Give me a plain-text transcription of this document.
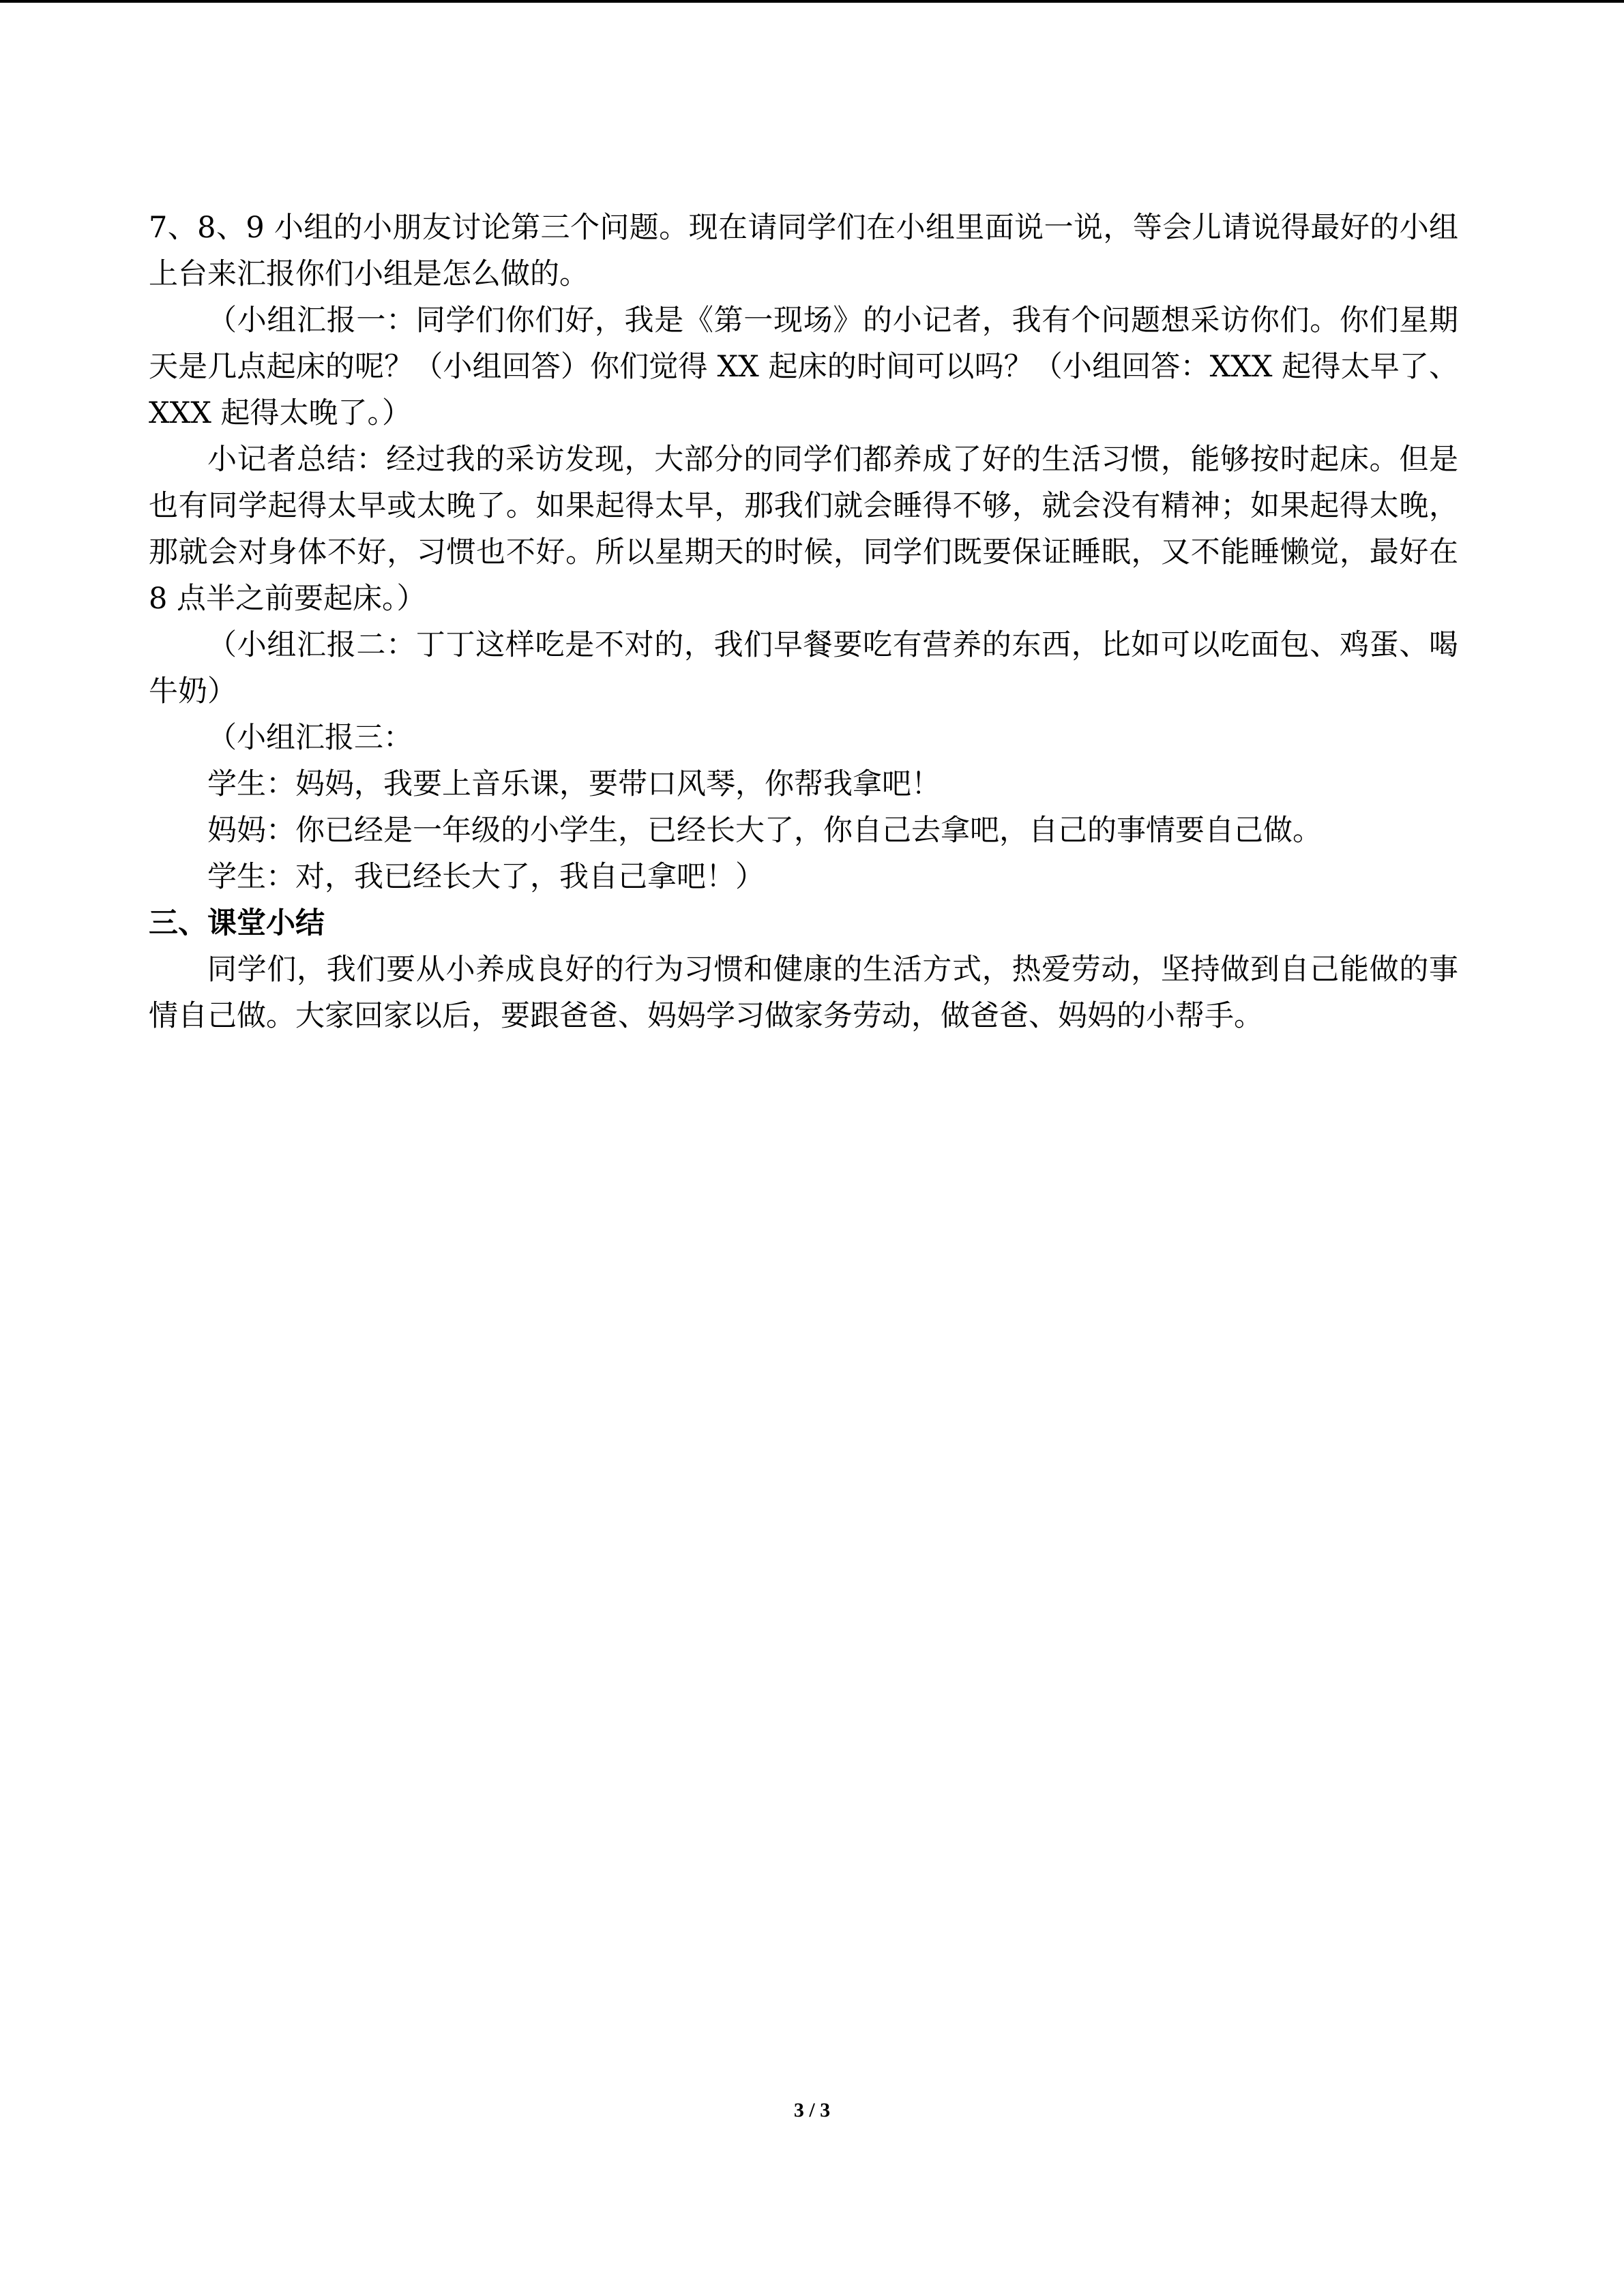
7、8、9 小组的小朋友讨论第三个问题。现在请同学们在小组里面说一说，等会儿请说得最好的小组上台来汇报你们小组是怎么做的。

（小组汇报一：同学们你们好，我是《第一现场》的小记者，我有个问题想采访你们。你们星期天是几点起床的呢？（小组回答）你们觉得 XX 起床的时间可以吗？（小组回答：XXX 起得太早了、XXX 起得太晚了。）

小记者总结：经过我的采访发现，大部分的同学们都养成了好的生活习惯，能够按时起床。但是也有同学起得太早或太晚了。如果起得太早，那我们就会睡得不够，就会没有精神；如果起得太晚，那就会对身体不好，习惯也不好。所以星期天的时候，同学们既要保证睡眠，又不能睡懒觉，最好在 8 点半之前要起床。）

（小组汇报二：丁丁这样吃是不对的，我们早餐要吃有营养的东西，比如可以吃面包、鸡蛋、喝牛奶）

（小组汇报三：

学生：妈妈，我要上音乐课，要带口风琴，你帮我拿吧！

妈妈：你已经是一年级的小学生，已经长大了，你自己去拿吧，自己的事情要自己做。

学生：对，我已经长大了，我自己拿吧！）

三、课堂小结

同学们，我们要从小养成良好的行为习惯和健康的生活方式，热爱劳动，坚持做到自己能做的事情自己做。大家回家以后，要跟爸爸、妈妈学习做家务劳动，做爸爸、妈妈的小帮手。

3 / 3
